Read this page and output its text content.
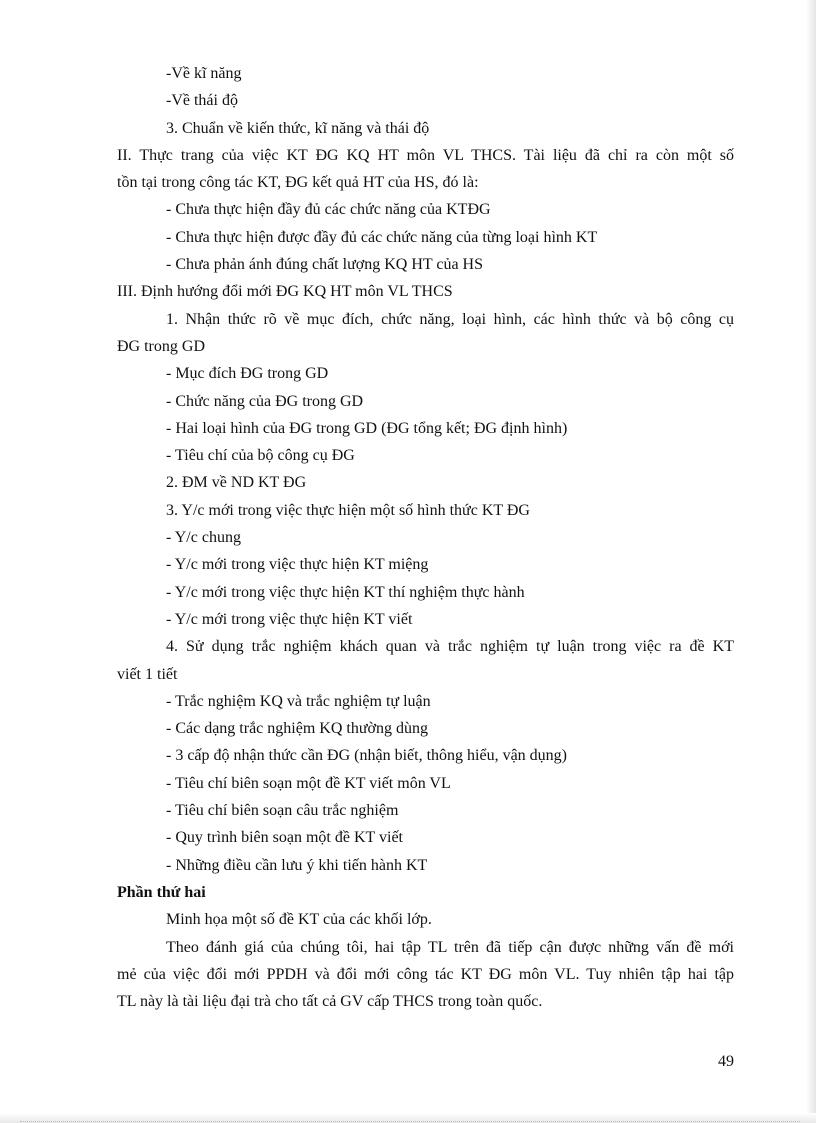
-Về kĩ năng
-Về thái độ
3. Chuẩn về kiến thức, kĩ năng và thái độ
II. Thực trang của việc KT ĐG KQ HT môn VL THCS. Tài liệu đã chỉ ra còn một số
tồn tại trong công tác KT, ĐG kết quả HT của HS, đó là:
- Chưa thực hiện đầy đủ các chức năng của KTĐG
- Chưa thực hiện được đầy đủ các chức năng của từng loại hình KT
- Chưa phản ánh đúng chất lượng KQ HT của HS
III. Định hướng đổi mới ĐG KQ HT môn VL THCS
1. Nhận thức rõ về mục đích, chức năng, loại hình, các hình thức và bộ công cụ
ĐG trong GD
- Mục đích ĐG trong GD
- Chức năng của ĐG trong GD
- Hai loại hình của ĐG trong GD (ĐG tổng kết; ĐG định hình)
- Tiêu chí của bộ công cụ ĐG
2. ĐM về ND KT ĐG
3. Y/c mới trong việc thực hiện một số hình thức KT ĐG
- Y/c chung
- Y/c mới trong việc thực hiện KT miệng
- Y/c mới trong việc thực hiện KT thí nghiệm thực hành
- Y/c mới trong việc thực hiện KT viết
4. Sử dụng trắc nghiệm khách quan và trắc nghiệm tự luận trong việc ra đề KT
viết 1 tiết
- Trắc nghiệm KQ và trắc nghiệm tự luận
- Các dạng trắc nghiệm KQ thường dùng
- 3 cấp độ nhận thức cần ĐG (nhận biết, thông hiểu, vận dụng)
- Tiêu chí biên soạn một đề KT viết môn VL
- Tiêu chí biên soạn câu trắc nghiệm
- Quy trình biên soạn một đề KT viết
- Những điều cần lưu ý khi tiến hành KT
Phần thứ hai
Minh họa một số đề KT của các khối lớp.
Theo đánh giá của chúng tôi, hai tập TL trên đã tiếp cận được những vấn đề mới
mẻ của việc đổi mới PPDH và đổi mới công tác KT ĐG môn VL. Tuy nhiên tập hai tập
TL này là tài liệu đại trà cho tất cả GV cấp THCS trong toàn quốc.
49
